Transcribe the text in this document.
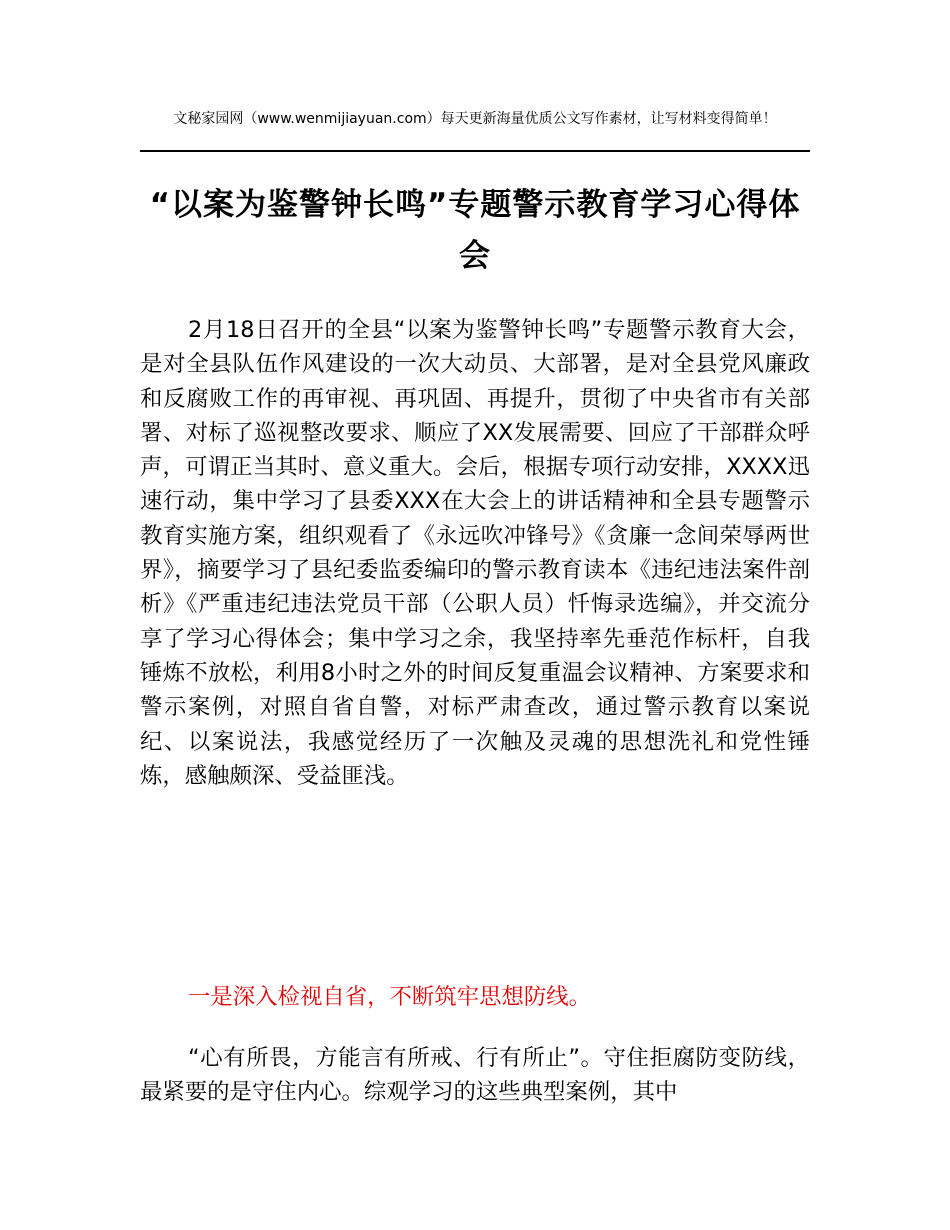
文秘家园网（www.wenmijiayuan.com）每天更新海量优质公文写作素材，让写材料变得简单！
“以案为鉴警钟长鸣”专题警示教育学习心得体会
2月18日召开的全县“以案为鉴警钟长鸣”专题警示教育大会，是对全县队伍作风建设的一次大动员、大部署，是对全县党风廉政和反腐败工作的再审视、再巩固、再提升，贯彻了中央省市有关部署、对标了巡视整改要求、顺应了XX发展需要、回应了干部群众呼声，可谓正当其时、意义重大。会后，根据专项行动安排，XXXX迅速行动，集中学习了县委XXX在大会上的讲话精神和全县专题警示教育实施方案，组织观看了《永远吹冲锋号》《贪廉一念间荣辱两世界》，摘要学习了县纪委监委编印的警示教育读本《违纪违法案件剖析》《严重违纪违法党员干部（公职人员）忏悔录选编》，并交流分享了学习心得体会；集中学习之余，我坚持率先垂范作标杆，自我锤炼不放松，利用8小时之外的时间反复重温会议精神、方案要求和警示案例，对照自省自警，对标严肃查改，通过警示教育以案说纪、以案说法，我感觉经历了一次触及灵魂的思想洗礼和党性锤炼，感触颇深、受益匪浅。
一是深入检视自省，不断筑牢思想防线。
“心有所畏，方能言有所戒、行有所止”。守住拒腐防变防线，最紧要的是守住内心。综观学习的这些典型案例，其中
